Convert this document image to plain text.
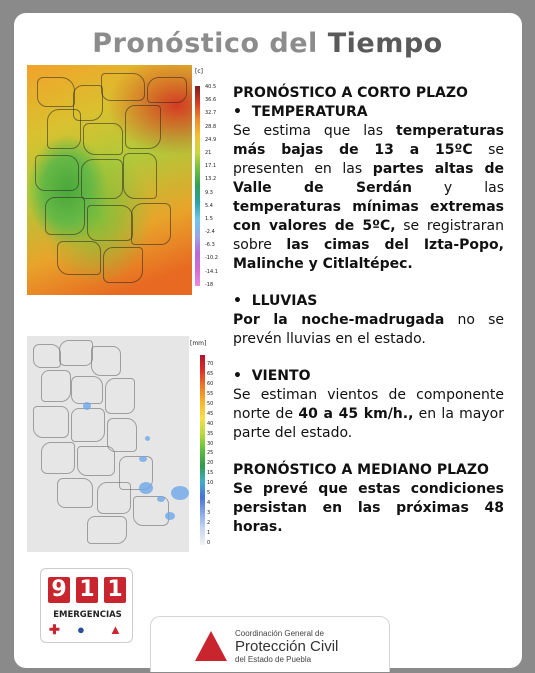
Pronóstico del Tiempo
[c]
40.5
36.6
32.7
28.8
24.9
21
17.1
13.2
9.3
5.4
1.5
-2.4
-6.3
-10.2
-14.1
-18
[mm]
70
65
60
55
50
45
40
35
30
25
20
15
10
5
4
3
2
1
0
PRONÓSTICO A CORTO PLAZO
•  TEMPERATURA
Se estima que las temperaturas más bajas de 13 a 15ºC se presenten en las partes altas de Valle de Serdán y las temperaturas mínimas extremas con valores de 5ºC, se registraran sobre las cimas del Izta-Popo, Malinche y Citlaltépec.
•  LLUVIAS
Por la noche-madrugada no se prevén lluvias en el estado.
•  VIENTO
Se estiman vientos de componente norte de 40 a 45 km/h., en la mayor parte del estado.
PRONÓSTICO A MEDIANO PLAZO
Se prevé que estas condiciones persistan en las próximas 48 horas.
9 1 1
EMERGENCIAS
✚ ● ▲	Coordinación General de
Protección Civil
del Estado de Puebla
